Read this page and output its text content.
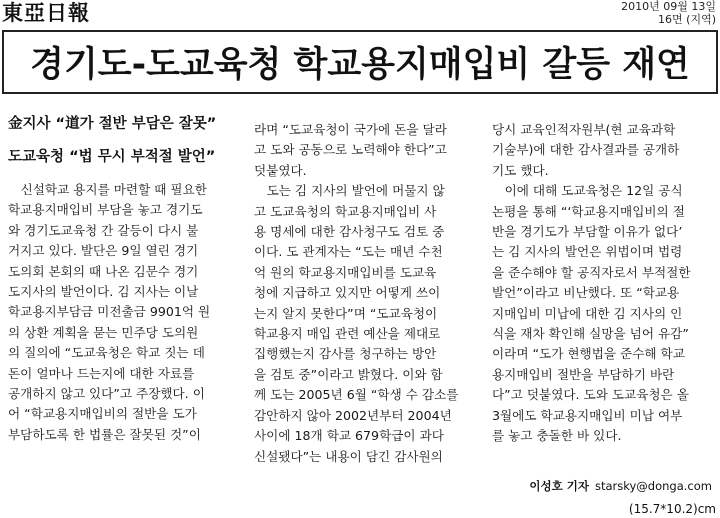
東亞日報	2010년 09월 13일
16면 (지역)
경기도-도교육청 학교용지매입비 갈등 재연
金지사 “道가 절반 부담은 잘못”
도교육청 “법 무시 부적절 발언”

　신설학교 용지를 마련할 때 필요한
학교용지매입비 부담을 놓고 경기도
와 경기도교육청 간 갈등이 다시 불
거지고 있다. 발단은 9일 열린 경기
도의회 본회의 때 나온 김문수 경기
도지사의 발언이다. 김 지사는 이날
학교용지부담금 미전출금 9901억 원
의 상환 계획을 묻는 민주당 도의원
의 질의에 “도교육청은 학교 짓는 데
돈이 얼마나 드는지에 대한 자료를
공개하지 않고 있다”고 주장했다. 이
어 “학교용지매입비의 절반을 도가
부담하도록 한 법률은 잘못된 것”이

라며 “도교육청이 국가에 돈을 달라
고 도와 공동으로 노력해야 한다”고
덧붙였다.
　도는 김 지사의 발언에 머물지 않
고 도교육청의 학교용지매입비 사
용 명세에 대한 감사청구도 검토 중
이다. 도 관계자는 “도는 매년 수천
억 원의 학교용지매입비를 도교육
청에 지급하고 있지만 어떻게 쓰이
는지 알지 못한다”며 “도교육청이
학교용지 매입 관련 예산을 제대로
집행했는지 감사를 청구하는 방안
을 검토 중”이라고 밝혔다. 이와 함
께 도는 2005년 6월 “학생 수 감소를
감안하지 않아 2002년부터 2004년
사이에 18개 학교 679학급이 과다
신설됐다”는 내용이 담긴 감사원의

당시 교육인적자원부(현 교육과학
기술부)에 대한 감사결과를 공개하
기도 했다.
　이에 대해 도교육청은 12일 공식
논평을 통해 “‘학교용지매입비의 절
반을 경기도가 부담할 이유가 없다’
는 김 지사의 발언은 위법이며 법령
을 준수해야 할 공직자로서 부적절한
발언”이라고 비난했다. 또 “학교용
지매입비 미납에 대한 김 지사의 인
식을 재차 확인해 실망을 넘어 유감”
이라며 “도가 현행법을 준수해 학교
용지매입비 절반을 부담하기 바란
다”고 덧붙였다. 도와 도교육청은 올
3월에도 학교용지매입비 미납 여부
를 놓고 충돌한 바 있다.

이성호 기자 starsky@donga.com
(15.7*10.2)cm
